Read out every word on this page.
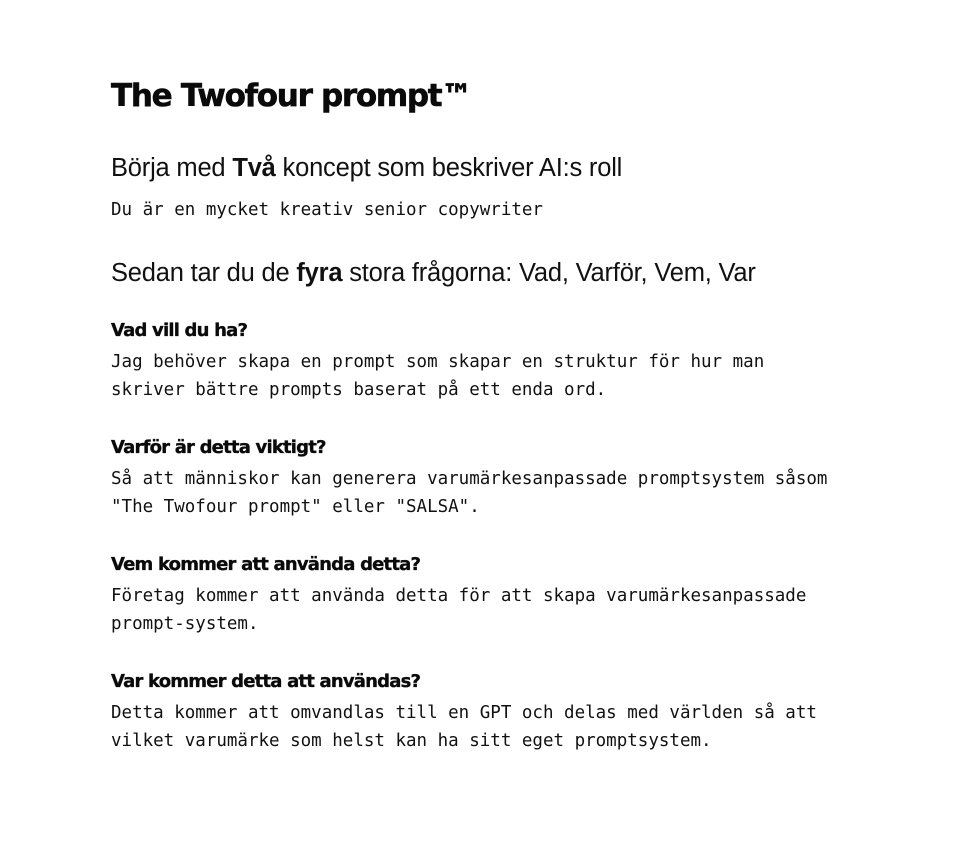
The Twofour prompt™
Börja med Två koncept som beskriver AI:s roll

Du är en mycket kreativ senior copywriter

Sedan tar du de fyra stora frågorna: Vad, Varför, Vem, Var
Vad vill du ha?

Jag behöver skapa en prompt som skapar en struktur för hur man
skriver bättre prompts baserat på ett enda ord.

Varför är detta viktigt?

Så att människor kan generera varumärkesanpassade promptsystem såsom
"The Twofour prompt" eller "SALSA".

Vem kommer att använda detta?

Företag kommer att använda detta för att skapa varumärkesanpassade
prompt-system.

Var kommer detta att användas?

Detta kommer att omvandlas till en GPT och delas med världen så att
vilket varumärke som helst kan ha sitt eget promptsystem.
